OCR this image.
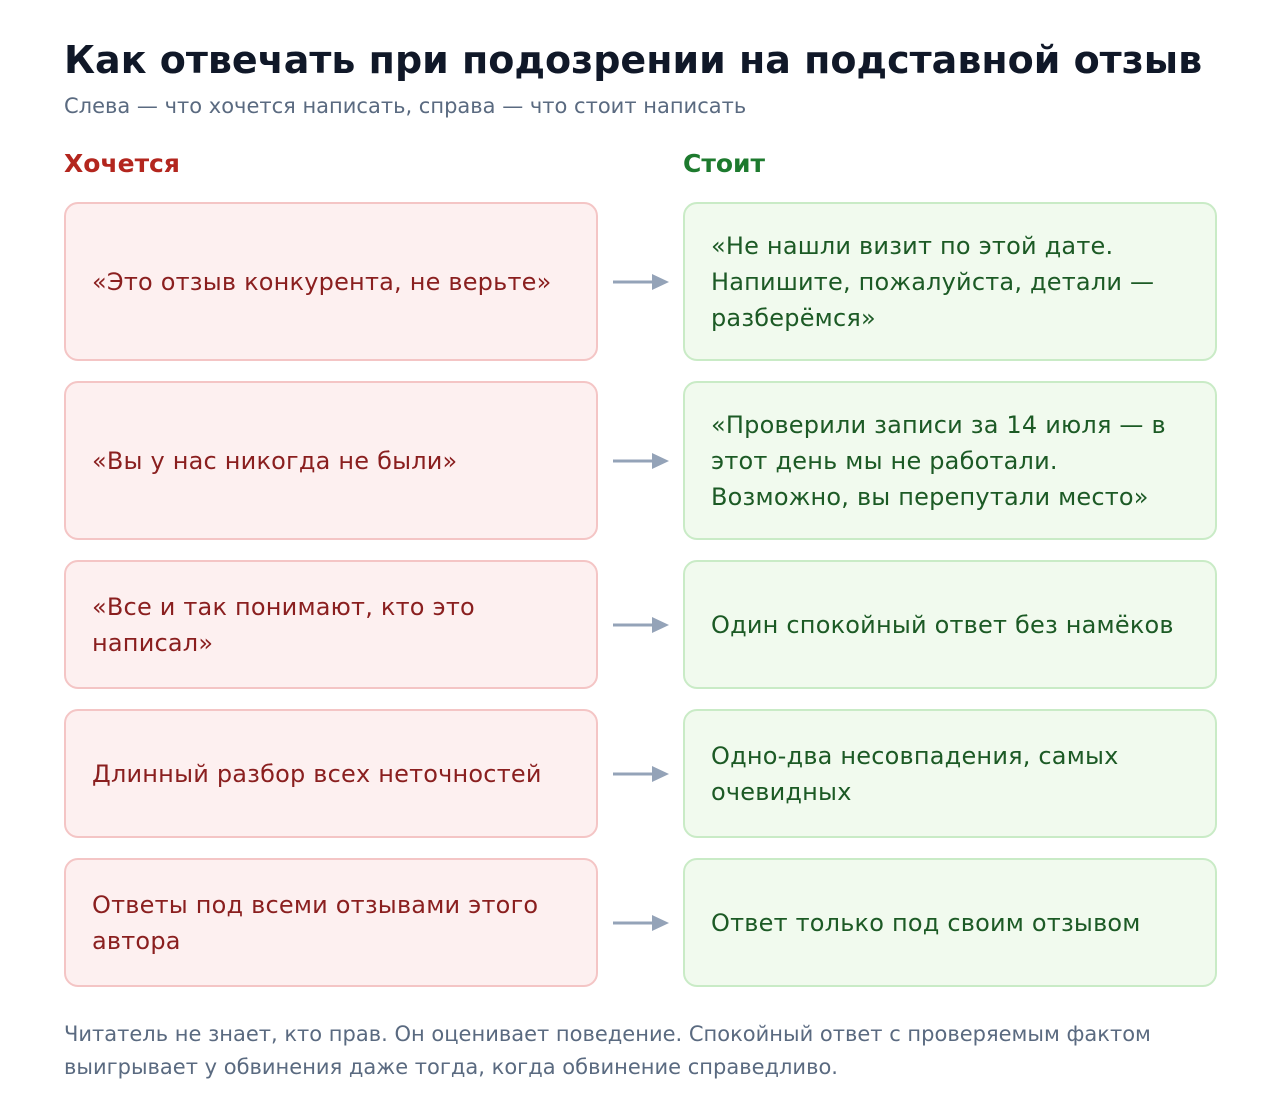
Как отвечать при подозрении на подставной отзыв
Слева — что хочется написать, справа — что стоит написать
Хочется	Стоит
«Это отзыв конкурента, не верьте»
«Не нашли визит по этой дате. Напишите, пожалуйста, детали — разберёмся»
«Вы у нас никогда не были»
«Проверили записи за 14 июля — в этот день мы не работали. Возможно, вы перепутали место»
«Все и так понимают, кто это написал»
Один спокойный ответ без намёков
Длинный разбор всех неточностей
Одно-два несовпадения, самых очевидных
Ответы под всеми отзывами этого автора
Ответ только под своим отзывом

Читатель не знает, кто прав. Он оценивает поведение. Спокойный ответ с проверяемым фактом выигрывает у обвинения даже тогда, когда обвинение справедливо.
